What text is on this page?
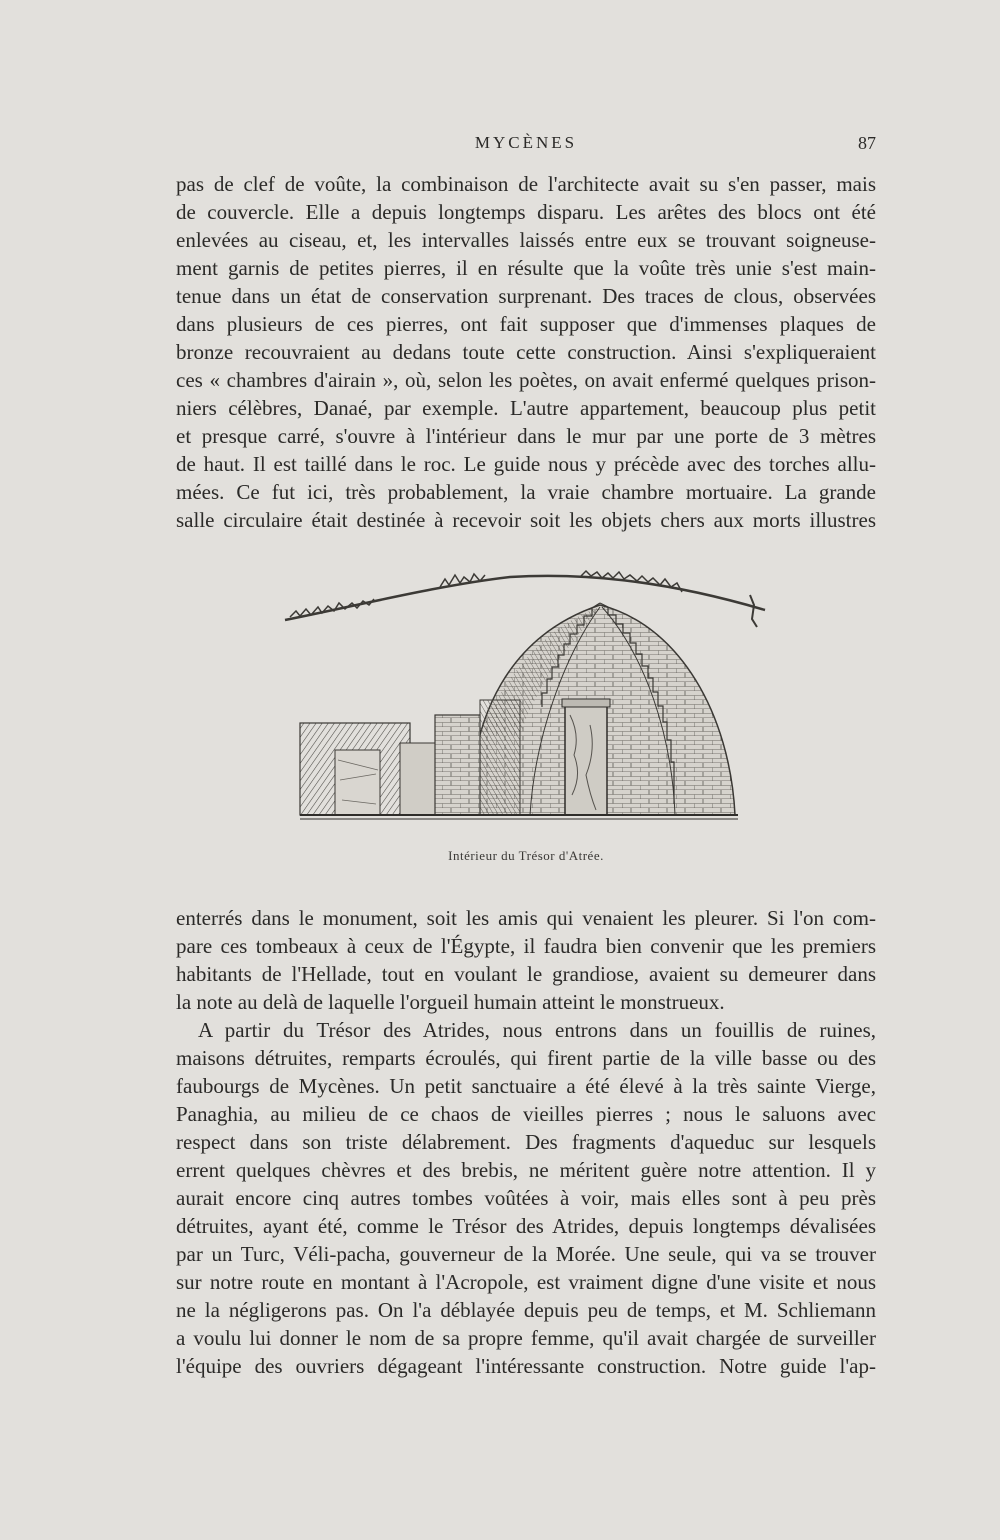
MYCÈNES	87
pas de clef de voûte, la combinaison de l'architecte avait su s'en passer, mais
de couvercle. Elle a depuis longtemps disparu. Les arêtes des blocs ont été
enlevées au ciseau, et, les intervalles laissés entre eux se trouvant soigneuse-
ment garnis de petites pierres, il en résulte que la voûte très unie s'est main-
tenue dans un état de conservation surprenant. Des traces de clous, observées
dans plusieurs de ces pierres, ont fait supposer que d'immenses plaques de
bronze recouvraient au dedans toute cette construction. Ainsi s'expliqueraient
ces « chambres d'airain », où, selon les poètes, on avait enfermé quelques prison-
niers célèbres, Danaé, par exemple. L'autre appartement, beaucoup plus petit
et presque carré, s'ouvre à l'intérieur dans le mur par une porte de 3 mètres
de haut. Il est taillé dans le roc. Le guide nous y précède avec des torches allu-
mées. Ce fut ici, très probablement, la vraie chambre mortuaire. La grande
salle circulaire était destinée à recevoir soit les objets chers aux morts illustres
Intérieur du Trésor d'Atrée.
enterrés dans le monument, soit les amis qui venaient les pleurer. Si l'on com-
pare ces tombeaux à ceux de l'Égypte, il faudra bien convenir que les premiers
habitants de l'Hellade, tout en voulant le grandiose, avaient su demeurer dans
la note au delà de laquelle l'orgueil humain atteint le monstrueux.
A partir du Trésor des Atrides, nous entrons dans un fouillis de ruines,
maisons détruites, remparts écroulés, qui firent partie de la ville basse ou des
faubourgs de Mycènes. Un petit sanctuaire a été élevé à la très sainte Vierge,
Panaghia, au milieu de ce chaos de vieilles pierres ; nous le saluons avec
respect dans son triste délabrement. Des fragments d'aqueduc sur lesquels
errent quelques chèvres et des brebis, ne méritent guère notre attention. Il y
aurait encore cinq autres tombes voûtées à voir, mais elles sont à peu près
détruites, ayant été, comme le Trésor des Atrides, depuis longtemps dévalisées
par un Turc, Véli-pacha, gouverneur de la Morée. Une seule, qui va se trouver
sur notre route en montant à l'Acropole, est vraiment digne d'une visite et nous
ne la négligerons pas. On l'a déblayée depuis peu de temps, et M. Schliemann
a voulu lui donner le nom de sa propre femme, qu'il avait chargée de surveiller
l'équipe des ouvriers dégageant l'intéressante construction. Notre guide l'ap-
